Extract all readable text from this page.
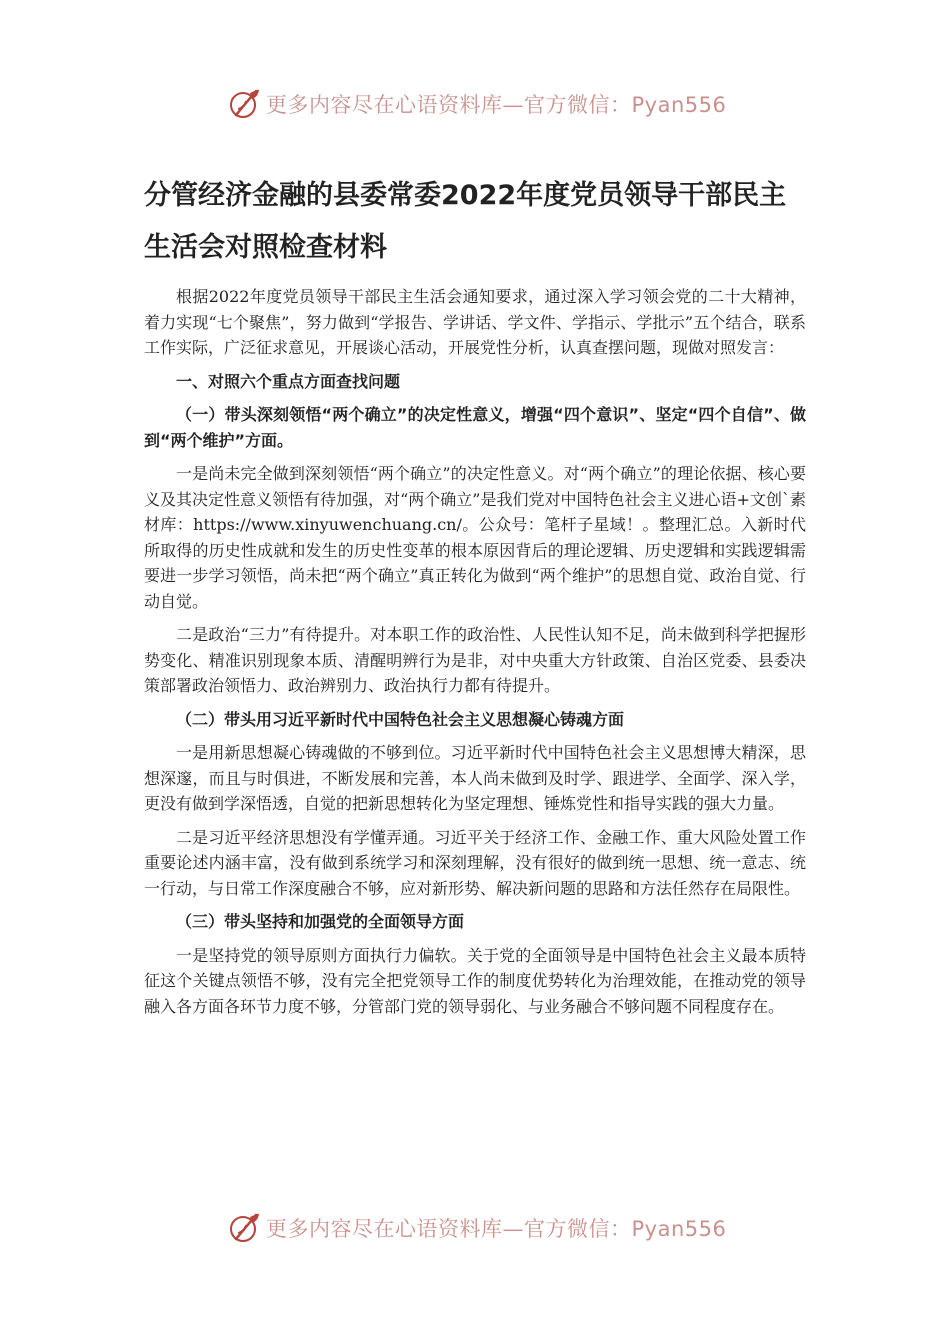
更多内容尽在心语资料库—官方微信：Pyan556
分管经济金融的县委常委2022年度党员领导干部民主生活会对照检查材料

根据2022年度党员领导干部民主生活会通知要求，通过深入学习领会党的二十大精神，着力实现“七个聚焦”，努力做到“学报告、学讲话、学文件、学指示、学批示”五个结合，联系工作实际，广泛征求意见，开展谈心活动，开展党性分析，认真查摆问题，现做对照发言：

一、对照六个重点方面查找问题

（一）带头深刻领悟“两个确立”的决定性意义，增强“四个意识”、坚定“四个自信”、做到“两个维护”方面。

一是尚未完全做到深刻领悟“两个确立”的决定性意义。对“两个确立”的理论依据、核心要义及其决定性意义领悟有待加强，对“两个确立”是我们党对中国特色社会主义进心语+文创`素材库：https://www.xinyuwenchuang.cn/。公众号：笔杆子星域！。整理汇总。入新时代所取得的历史性成就和发生的历史性变革的根本原因背后的理论逻辑、历史逻辑和实践逻辑需要进一步学习领悟，尚未把“两个确立”真正转化为做到“两个维护”的思想自觉、政治自觉、行动自觉。

二是政治“三力”有待提升。对本职工作的政治性、人民性认知不足，尚未做到科学把握形势变化、精准识别现象本质、清醒明辨行为是非，对中央重大方针政策、自治区党委、县委决策部署政治领悟力、政治辨别力、政治执行力都有待提升。

（二）带头用习近平新时代中国特色社会主义思想凝心铸魂方面

一是用新思想凝心铸魂做的不够到位。习近平新时代中国特色社会主义思想博大精深，思想深邃，而且与时俱进，不断发展和完善，本人尚未做到及时学、跟进学、全面学、深入学，更没有做到学深悟透，自觉的把新思想转化为坚定理想、锤炼党性和指导实践的强大力量。

二是习近平经济思想没有学懂弄通。习近平关于经济工作、金融工作、重大风险处置工作重要论述内涵丰富，没有做到系统学习和深刻理解，没有很好的做到统一思想、统一意志、统一行动，与日常工作深度融合不够，应对新形势、解决新问题的思路和方法任然存在局限性。

（三）带头坚持和加强党的全面领导方面

一是坚持党的领导原则方面执行力偏软。关于党的全面领导是中国特色社会主义最本质特征这个关键点领悟不够，没有完全把党领导工作的制度优势转化为治理效能，在推动党的领导融入各方面各环节力度不够，分管部门党的领导弱化、与业务融合不够问题不同程度存在。

更多内容尽在心语资料库—官方微信：Pyan556
